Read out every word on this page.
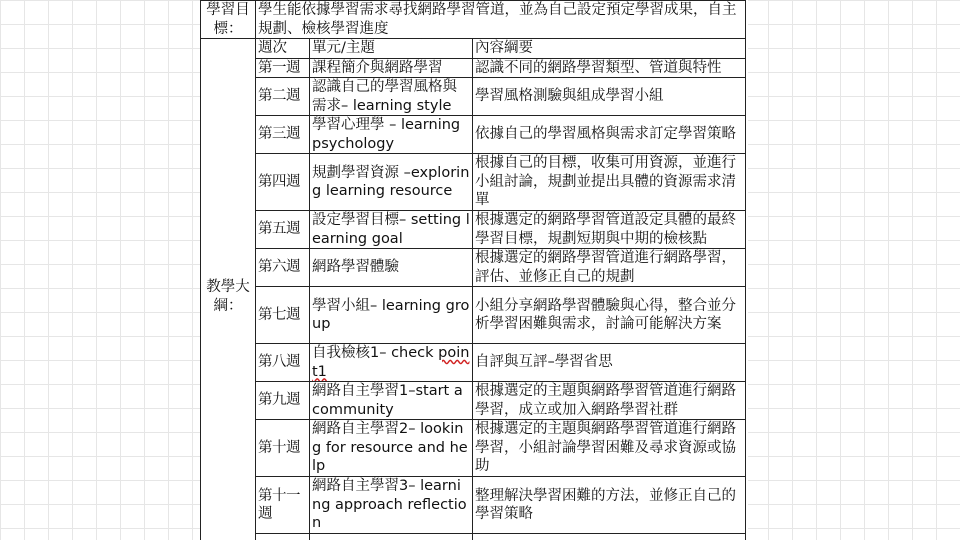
學習目標：	學生能依據學習需求尋找網路學習管道，並為自己設定預定學習成果，自主規劃、檢核學習進度		
教學大綱：	週次	單元/主題	內容綱要
	第一週	課程簡介與網路學習	認識不同的網路學習類型、管道與特性
	第二週	認識自己的學習風格與需求– learning style	學習風格測驗與組成學習小組
	第三週	學習心理學 – learning psychology	依據自己的學習風格與需求訂定學習策略
	第四週	規劃學習資源 –exploring learning resource	根據自己的目標，收集可用資源，並進行小組討論，規劃並提出具體的資源需求清單
	第五週	設定學習目標– setting learning goal	根據選定的網路學習管道設定具體的最終學習目標，規劃短期與中期的檢核點
	第六週	網路學習體驗	根據選定的網路學習管道進行網路學習，評估、並修正自己的規劃
	第七週	學習小組– learning group	小組分享網路學習體驗與心得，整合並分析學習困難與需求，討論可能解決方案
	第八週	自我檢核1– check point1	自評與互評–學習省思
	第九週	網路自主學習1–start a community	根據選定的主題與網路學習管道進行網路學習，成立或加入網路學習社群
	第十週	網路自主學習2– looking for resource and help	根據選定的主題與網路學習管道進行網路學習，小組討論學習困難及尋求資源或協助
	第十一週	網路自主學習3– learning approach reflection	整理解決學習困難的方法，並修正自己的學習策略
